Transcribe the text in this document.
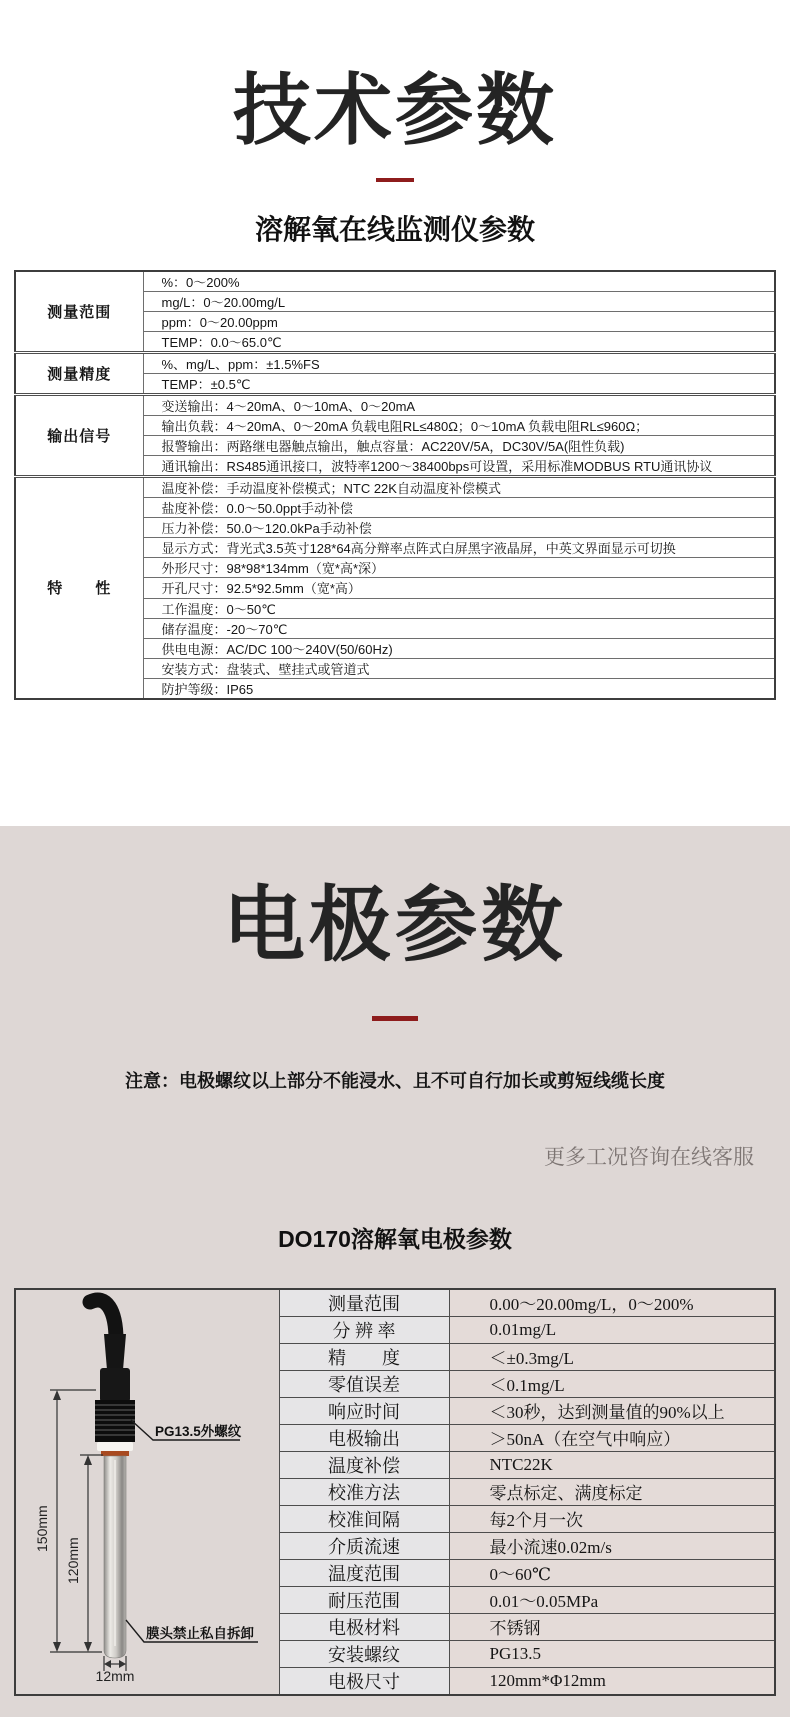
技术参数
溶解氧在线监测仪参数
测量范围	%：0～200%
	mg/L：0～20.00mg/L
	ppm：0～20.00ppm
	TEMP：0.0～65.0℃
测量精度	%、mg/L、ppm：±1.5%FS
	TEMP：±0.5℃
输出信号	变送输出：4～20mA、0～10mA、0～20mA
	输出负载：4～20mA、0～20mA 负载电阻RL≤480Ω；0～10mA 负载电阻RL≤960Ω；
	报警输出：两路继电器触点输出，触点容量：AC220V/5A，DC30V/5A(阻性负载)
	通讯输出：RS485通讯接口，波特率1200～38400bps可设置，采用标准MODBUS RTU通讯协议
特　　性	温度补偿：手动温度补偿模式；NTC 22K自动温度补偿模式
	盐度补偿：0.0～50.0ppt手动补偿
	压力补偿：50.0～120.0kPa手动补偿
	显示方式：背光式3.5英寸128*64高分辩率点阵式白屏黑字液晶屏，中英文界面显示可切换
	外形尺寸：98*98*134mm（宽*高*深）
	开孔尺寸：92.5*92.5mm（宽*高）
	工作温度：0～50℃
	储存温度：-20～70℃
	供电电源：AC/DC 100～240V(50/60Hz)
	安装方式：盘装式、壁挂式或管道式
	防护等级：IP65
电极参数
注意：电极螺纹以上部分不能浸水、且不可自行加长或剪短线缆长度
更多工况咨询在线客服
DO170溶解氧电极参数
150mm
120mm
12mm
PG13.5外螺纹
膜头禁止私自拆卸	测量范围	0.00～20.00mg/L，0～200%
	分 辨 率	0.01mg/L
	精　　度	＜±0.3mg/L
	零值误差	＜0.1mg/L
	响应时间	＜30秒，达到测量值的90%以上
	电极输出	＞50nA（在空气中响应）
	温度补偿	NTC22K
	校准方法	零点标定、满度标定
	校准间隔	每2个月一次
	介质流速	最小流速0.02m/s
	温度范围	0～60℃
	耐压范围	0.01～0.05MPa
	电极材料	不锈钢
	安装螺纹	PG13.5
	电极尺寸	120mm*Φ12mm
